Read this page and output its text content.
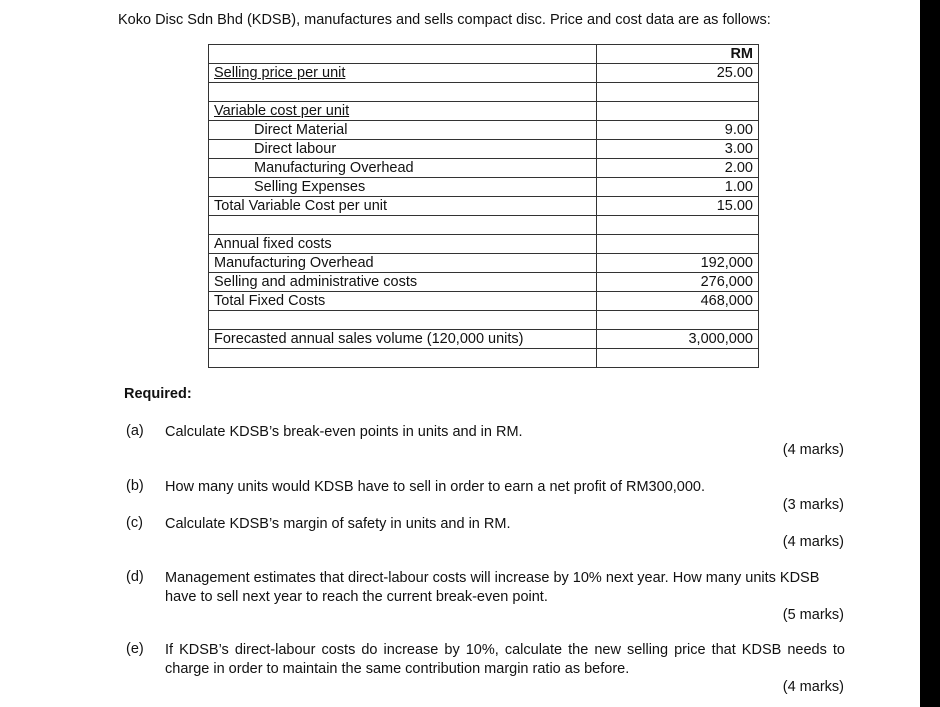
Koko Disc Sdn Bhd (KDSB), manufactures and sells compact disc. Price and cost data are as follows:
	RM
Selling price per unit	25.00

Variable cost per unit	
Direct Material	9.00
Direct labour	3.00
Manufacturing Overhead	2.00
Selling Expenses	1.00
Total Variable Cost per unit	15.00

Annual fixed costs	
Manufacturing Overhead	192,000
Selling and administrative costs	276,000
Total Fixed Costs	468,000

Forecasted annual sales volume (120,000 units)	3,000,000

Required:
(a) Calculate KDSB’s break-even points in units and in RM.
(4 marks)
(b) How many units would KDSB have to sell in order to earn a net profit of RM300,000.
(3 marks)
(c) Calculate KDSB’s margin of safety in units and in RM.
(4 marks)
(d) Management estimates that direct-labour costs will increase by 10% next year. How many units KDSB have to sell next year to reach the current break-even point.
(5 marks)
(e) If KDSB’s direct-labour costs do increase by 10%, calculate the new selling price that KDSB needs to charge in order to maintain the same contribution margin ratio as before.
(4 marks)
